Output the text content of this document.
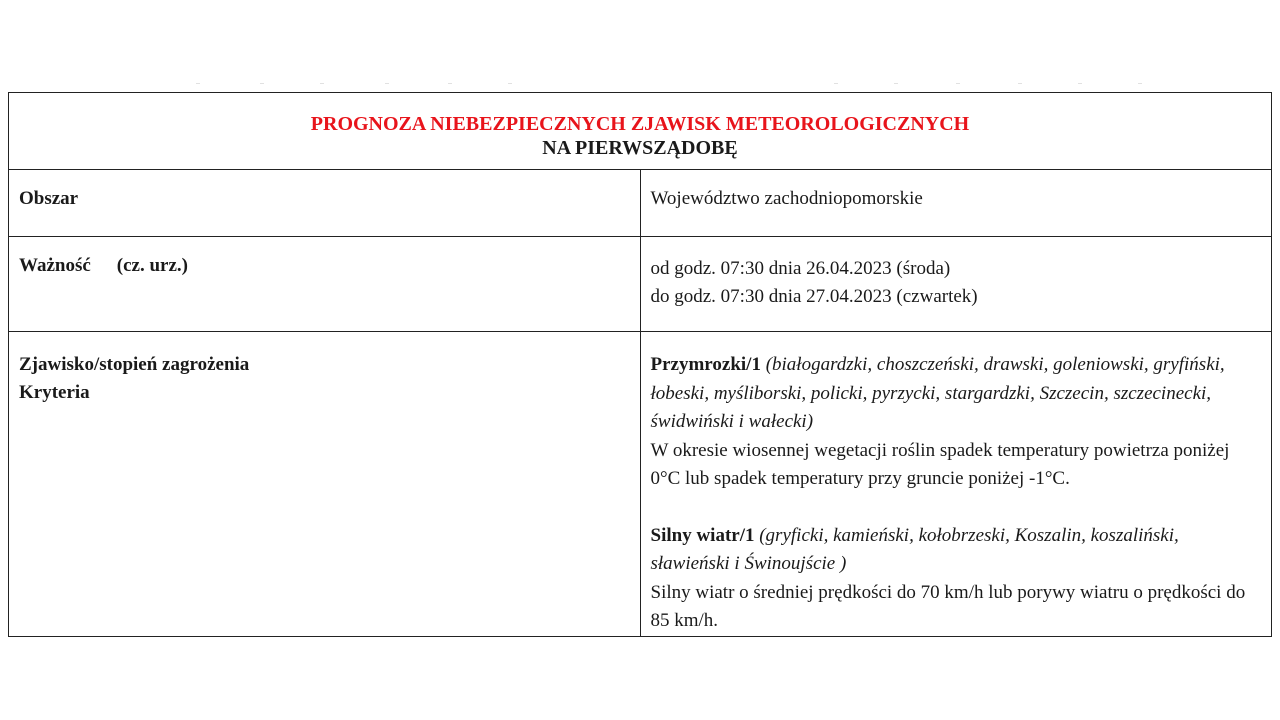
—	—	—	—	—	—	—	—	—	—	—	—
PROGNOZA NIEBEZPIECZNYCH ZJAWISK METEOROLOGICZNYCH
NA PIERWSZĄDOBĘ	

Obszar	Województwo zachodniopomorskie
Ważność (cz. urz.)	od godz. 07:30 dnia 26.04.2023 (środa)
do godz. 07:30 dnia 27.04.2023 (czwartek)

Zjawisko/stopień zagrożenia
Kryteria	Przymrozki/1 (białogardzki, choszczeński, drawski, goleniowski, gryfiński, łobeski, myśliborski, policki, pyrzycki, stargardzki, Szczecin, szczecinecki, świdwiński i wałecki)
W okresie wiosennej wegetacji roślin spadek temperatury powietrza poniżej 0°C lub spadek temperatury przy gruncie poniżej -1°C.
Silny wiatr/1 (gryficki, kamieński, kołobrzeski, Koszalin, koszaliński, sławieński i Świnoujście )
Silny wiatr o średniej prędkości do 70 km/h lub porywy wiatru o prędkości do 85 km/h.
